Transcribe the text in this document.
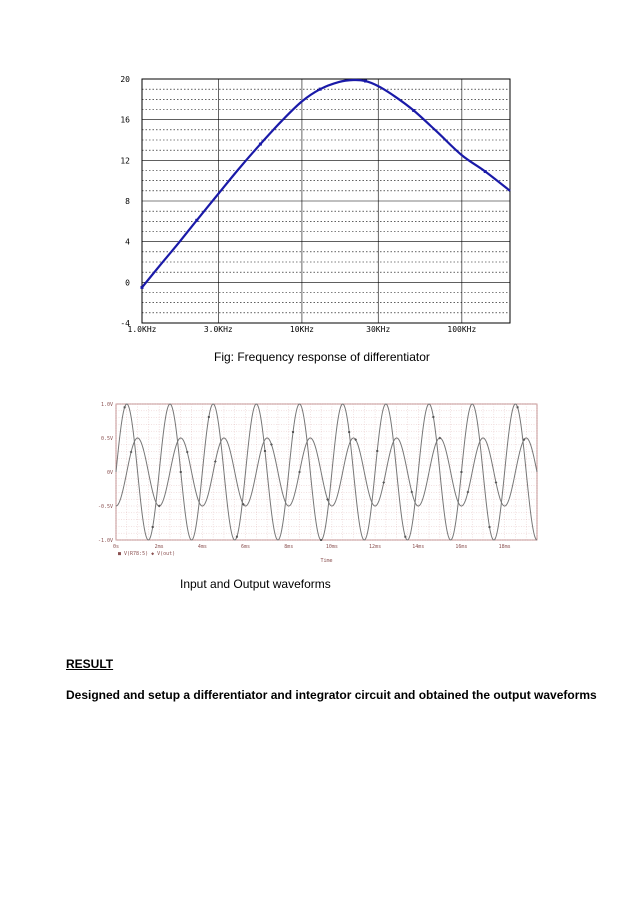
-4
0
4
8
12
16
20
1.0KHz	3.0KHz	10KHz	30KHz	100KHz
1.0V
0.5V
0V
-0.5V
-1.0V
0s	2ms	4ms	6ms	8ms	10ms	12ms	14ms	16ms	18ms
Time
■ V(R78:5) ◆ V(out)
Fig: Frequency response of differentiator
Input and Output waveforms
RESULT
Designed and setup a differentiator and integrator circuit and obtained the output waveforms
